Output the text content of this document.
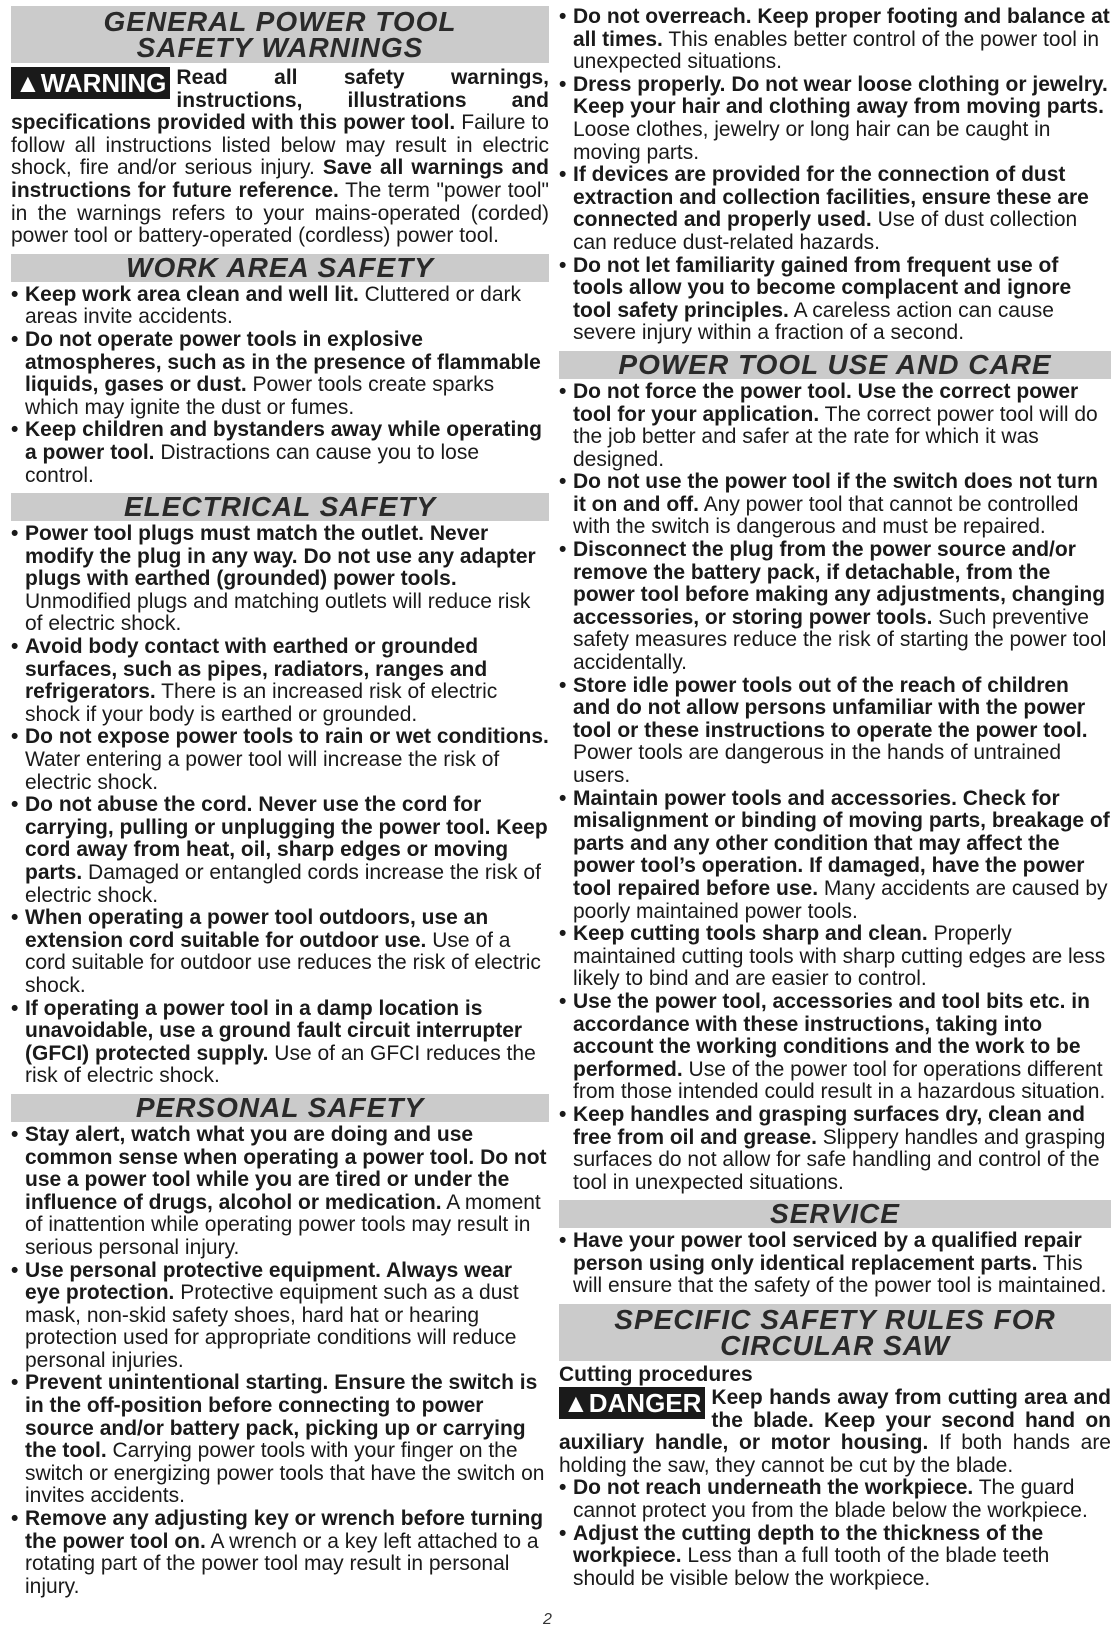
GENERAL POWER TOOL
SAFETY WARNINGS

▲WARNING Read all safety warnings, instructions, illustrations and specifications provided with this power tool. Failure to follow all instructions listed below may result in electric shock, fire and/or serious injury. Save all warnings and instructions for future reference. The term "power tool" in the warnings refers to your mains-operated (corded) power tool or battery-operated (cordless) power tool.

WORK AREA SAFETY
• Keep work area clean and well lit. Cluttered or dark areas invite accidents.
• Do not operate power tools in explosive atmospheres, such as in the presence of flammable liquids, gases or dust. Power tools create sparks which may ignite the dust or fumes.
• Keep children and bystanders away while operating a power tool. Distractions can cause you to lose control.
ELECTRICAL SAFETY
• Power tool plugs must match the outlet. Never modify the plug in any way. Do not use any adapter plugs with earthed (grounded) power tools. Unmodified plugs and matching outlets will reduce risk of electric shock.
• Avoid body contact with earthed or grounded surfaces, such as pipes, radiators, ranges and refrigerators. There is an increased risk of electric shock if your body is earthed or grounded.
• Do not expose power tools to rain or wet conditions. Water entering a power tool will increase the risk of electric shock.
• Do not abuse the cord. Never use the cord for carrying, pulling or unplugging the power tool. Keep cord away from heat, oil, sharp edges or moving parts. Damaged or entangled cords increase the risk of electric shock.
• When operating a power tool outdoors, use an extension cord suitable for outdoor use. Use of a cord suitable for outdoor use reduces the risk of electric shock.
• If operating a power tool in a damp location is unavoidable, use a ground fault circuit interrupter (GFCI) protected supply. Use of an GFCI reduces the risk of electric shock.
PERSONAL SAFETY
• Stay alert, watch what you are doing and use common sense when operating a power tool. Do not use a power tool while you are tired or under the influence of drugs, alcohol or medication. A moment of inattention while operating power tools may result in serious personal injury.
• Use personal protective equipment. Always wear eye protection. Protective equipment such as a dust mask, non-skid safety shoes, hard hat or hearing protection used for appropriate conditions will reduce personal injuries.
• Prevent unintentional starting. Ensure the switch is in the off-position before connecting to power source and/or battery pack, picking up or carrying the tool. Carrying power tools with your finger on the switch or energizing power tools that have the switch on invites accidents.
• Remove any adjusting key or wrench before turning the power tool on. A wrench or a key left attached to a rotating part of the power tool may result in personal injury.
• Do not overreach. Keep proper footing and balance at all times. This enables better control of the power tool in unexpected situations.
• Dress properly. Do not wear loose clothing or jewelry. Keep your hair and clothing away from moving parts. Loose clothes, jewelry or long hair can be caught in moving parts.
• If devices are provided for the connection of dust extraction and collection facilities, ensure these are connected and properly used. Use of dust collection can reduce dust-related hazards.
• Do not let familiarity gained from frequent use of tools allow you to become complacent and ignore tool safety principles. A careless action can cause severe injury within a fraction of a second.
POWER TOOL USE AND CARE
• Do not force the power tool. Use the correct power tool for your application. The correct power tool will do the job better and safer at the rate for which it was designed.
• Do not use the power tool if the switch does not turn it on and off. Any power tool that cannot be controlled with the switch is dangerous and must be repaired.
• Disconnect the plug from the power source and/or remove the battery pack, if detachable, from the power tool before making any adjustments, changing accessories, or storing power tools. Such preventive safety measures reduce the risk of starting the power tool accidentally.
• Store idle power tools out of the reach of children and do not allow persons unfamiliar with the power tool or these instructions to operate the power tool. Power tools are dangerous in the hands of untrained users.
• Maintain power tools and accessories. Check for misalignment or binding of moving parts, breakage of parts and any other condition that may affect the power tool’s operation. If damaged, have the power tool repaired before use. Many accidents are caused by poorly maintained power tools.
• Keep cutting tools sharp and clean. Properly maintained cutting tools with sharp cutting edges are less likely to bind and are easier to control.
• Use the power tool, accessories and tool bits etc. in accordance with these instructions, taking into account the working conditions and the work to be performed. Use of the power tool for operations different from those intended could result in a hazardous situation.
• Keep handles and grasping surfaces dry, clean and free from oil and grease. Slippery handles and grasping surfaces do not allow for safe handling and control of the tool in unexpected situations.
SERVICE
• Have your power tool serviced by a qualified repair person using only identical replacement parts. This will ensure that the safety of the power tool is maintained.
SPECIFIC SAFETY RULES FOR
CIRCULAR SAW
Cutting procedures

▲DANGER Keep hands away from cutting area and the blade. Keep your second hand on auxiliary handle, or motor housing. If both hands are holding the saw, they cannot be cut by the blade.

• Do not reach underneath the workpiece. The guard cannot protect you from the blade below the workpiece.
• Adjust the cutting depth to the thickness of the workpiece. Less than a full tooth of the blade teeth should be visible below the workpiece.
2
